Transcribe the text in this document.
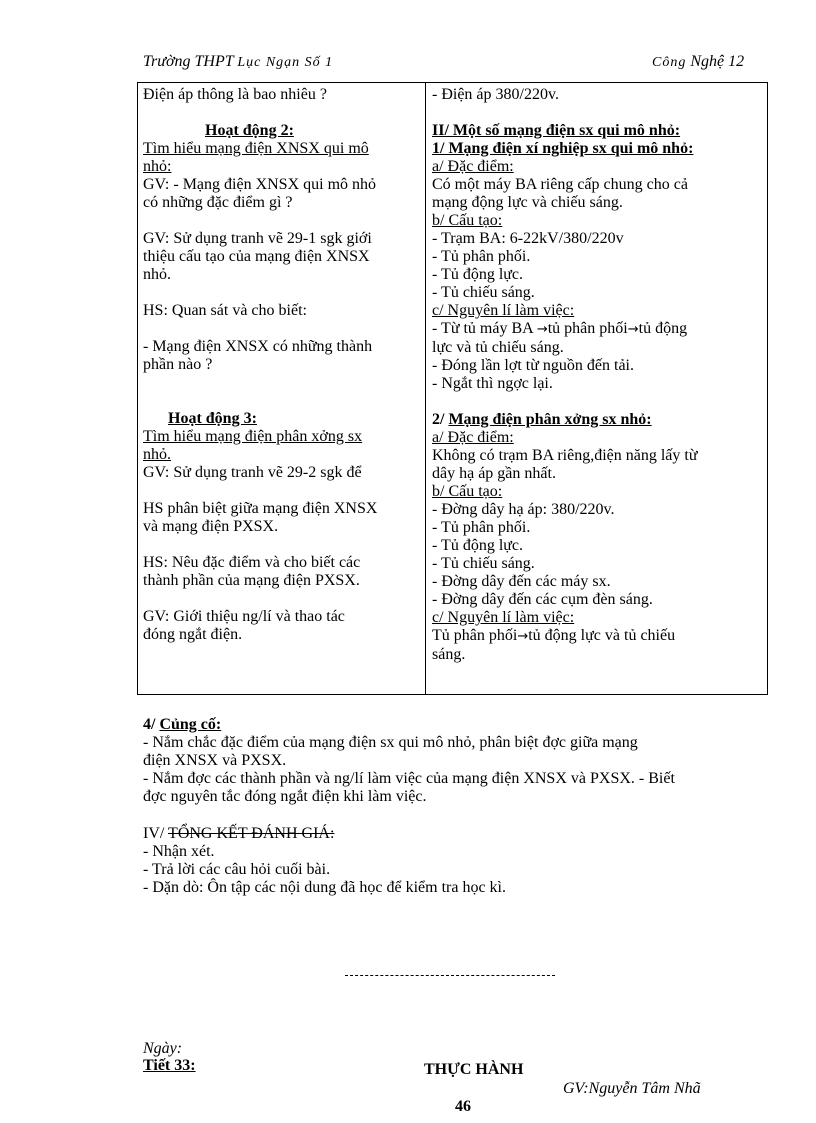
Trường THPT Lục Ngạn Số 1	Công Nghệ 12
Điện áp thông là bao nhiêu ?
Hoạt động 2:
Tìm hiểu mạng điện XNSX qui mô
nhỏ:
GV: - Mạng điện XNSX qui mô nhỏ
có những đặc điểm gì ?
GV: Sử dụng tranh vẽ 29-1 sgk giới
thiệu cấu tạo của mạng điện XNSX
nhỏ.
HS: Quan sát và cho biết:
- Mạng điện XNSX có những thành
phần nào ?
Hoạt động 3:
Tìm hiểu mạng điện phân xởng sx
nhỏ.
GV: Sử dụng tranh vẽ 29-2 sgk để
HS phân biệt giữa mạng điện XNSX
và mạng điện PXSX.
HS: Nêu đặc điểm và cho biết các
thành phần của mạng điện PXSX.
GV: Giới thiệu ng/lí và thao tác
đóng ngắt điện.
- Điện áp 380/220v.
II/ Một số mạng điện sx qui mô nhỏ:
1/ Mạng điện xí nghiệp sx qui mô nhỏ:
a/ Đặc điểm:
Có một máy BA riêng cấp chung cho cả
mạng động lực và chiếu sáng.
b/ Cấu tạo:
- Trạm BA: 6-22kV/380/220v
- Tủ phân phối.
- Tủ động lực.
- Tủ chiếu sáng.
c/ Nguyên lí làm việc:
- Từ tủ máy BA →tủ phân phối→tủ động
lực và tủ chiếu sáng.
- Đóng lần lợt từ nguồn đến tải.
- Ngắt thì ngợc lại.
2/ Mạng điện phân xởng sx nhỏ:
a/ Đặc điểm:
Không có trạm BA riêng,điện năng lấy từ
dây hạ áp gần nhất.
b/ Cấu tạo:
- Đờng dây hạ áp: 380/220v.
- Tủ phân phối.
- Tủ động lực.
- Tủ chiếu sáng.
- Đờng dây đến các máy sx.
- Đờng dây đến các cụm đèn sáng.
c/ Nguyên lí làm việc:
Tủ phân phối→tủ động lực và tủ chiếu
sáng.
4/ Củng cố:
- Nắm chắc đặc điểm của mạng điện sx qui mô nhỏ, phân biệt đợc giữa mạng
điện XNSX và PXSX.
- Nắm đợc các thành phần và ng/lí làm việc của mạng điện XNSX và PXSX. - Biết
đợc nguyên tắc đóng ngắt điện khi làm việc.
IV/ TỔNG KẾT ĐÁNH GIÁ:
- Nhận xét.
- Trả lời các câu hỏi cuối bài.
- Dặn dò: Ôn tập các nội dung đã học để kiểm tra học kì.
Ngày:
Tiết 33:	THỰC HÀNH
GV:Nguyễn Tâm Nhã
46
